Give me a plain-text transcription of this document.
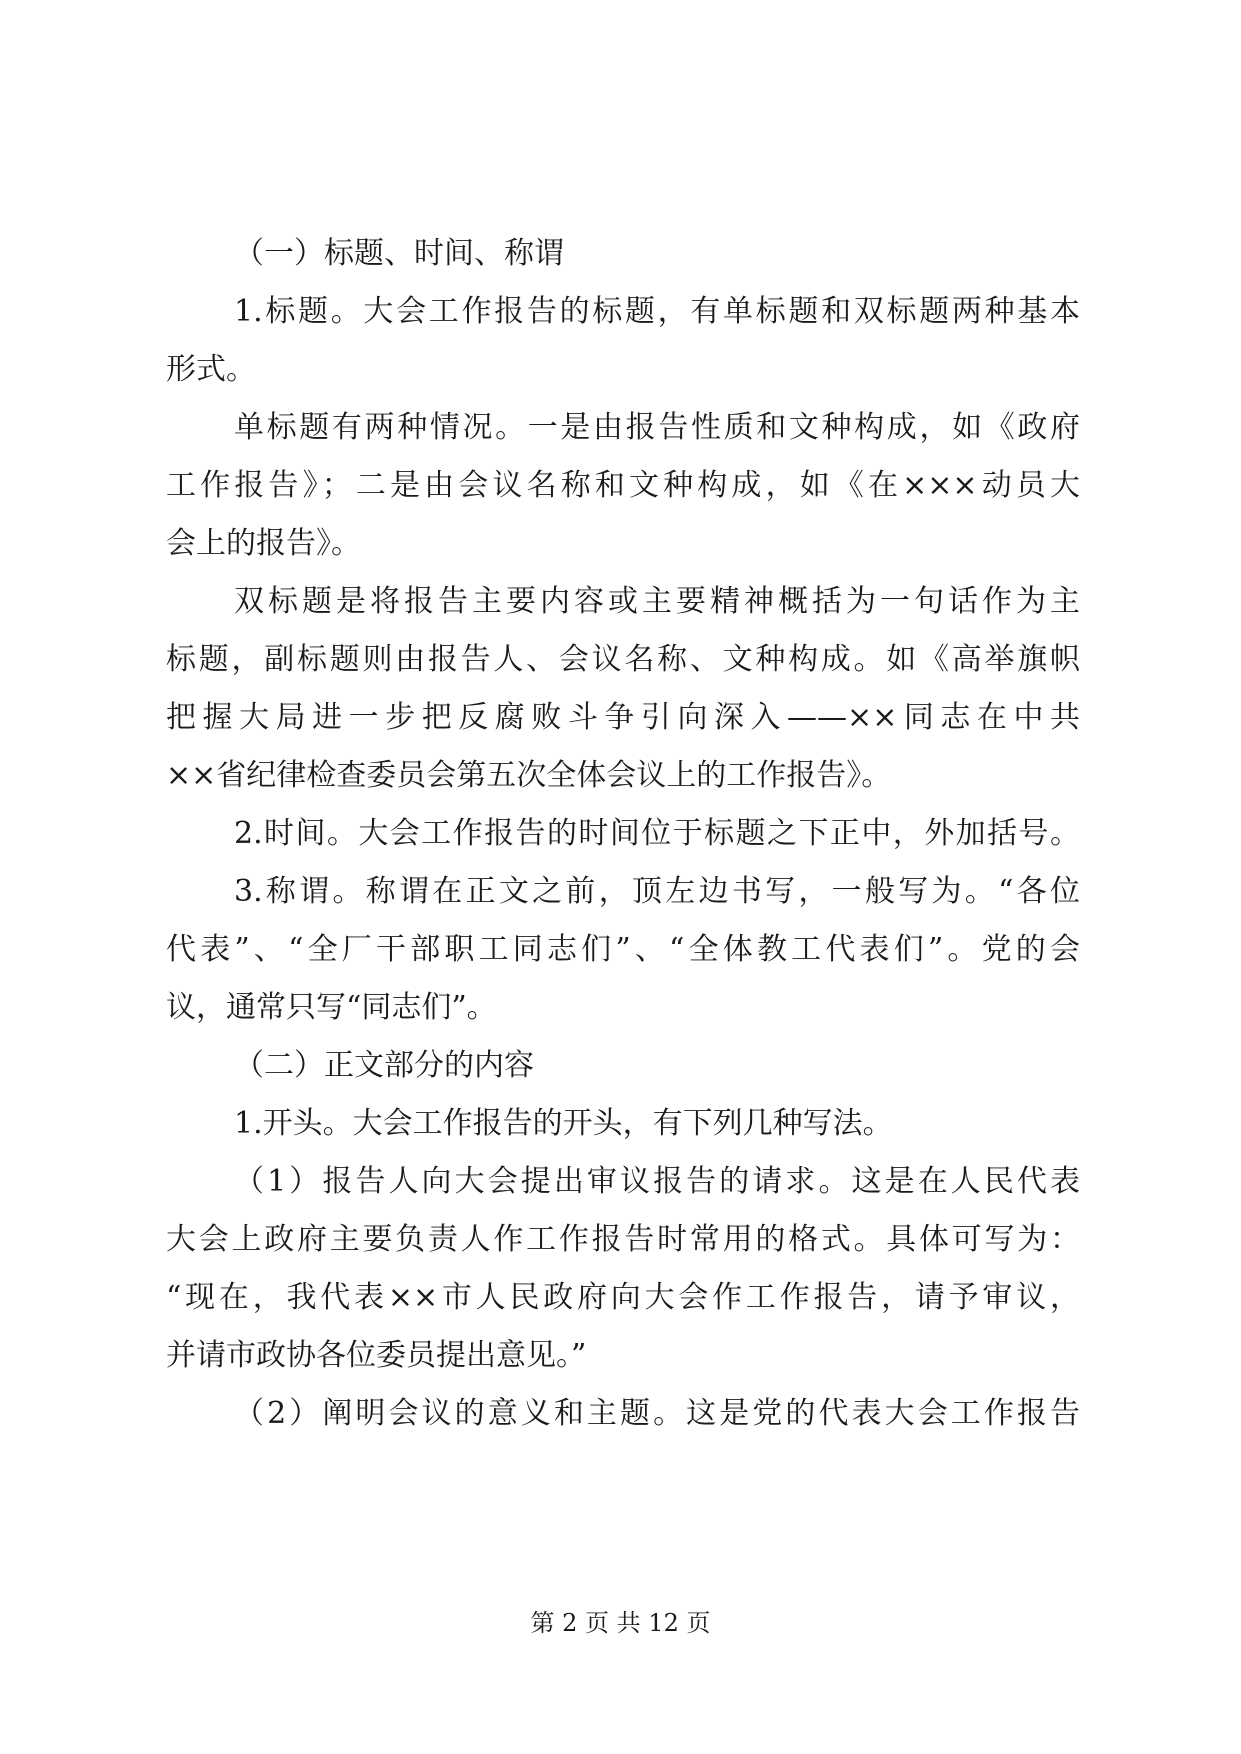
（一）标题、时间、称谓
1.标题。大会工作报告的标题，有单标题和双标题两种基本
形式。
单标题有两种情况。一是由报告性质和文种构成，如《政府
工作报告》；二是由会议名称和文种构成，如《在×××动员大
会上的报告》。
双标题是将报告主要内容或主要精神概括为一句话作为主
标题，副标题则由报告人、会议名称、文种构成。如《高举旗帜
把握大局进一步把反腐败斗争引向深入——××同志在中共
××省纪律检查委员会第五次全体会议上的工作报告》。
2.时间。大会工作报告的时间位于标题之下正中，外加括号。
3.称谓。称谓在正文之前，顶左边书写，一般写为。“各位
代表”、“全厂干部职工同志们”、“全体教工代表们”。党的会
议，通常只写“同志们”。
（二）正文部分的内容
1.开头。大会工作报告的开头，有下列几种写法。
（1）报告人向大会提出审议报告的请求。这是在人民代表
大会上政府主要负责人作工作报告时常用的格式。具体可写为：
“现在，我代表××市人民政府向大会作工作报告，请予审议，
并请市政协各位委员提出意见。”
（2）阐明会议的意义和主题。这是党的代表大会工作报告
第 2 页 共 12 页
